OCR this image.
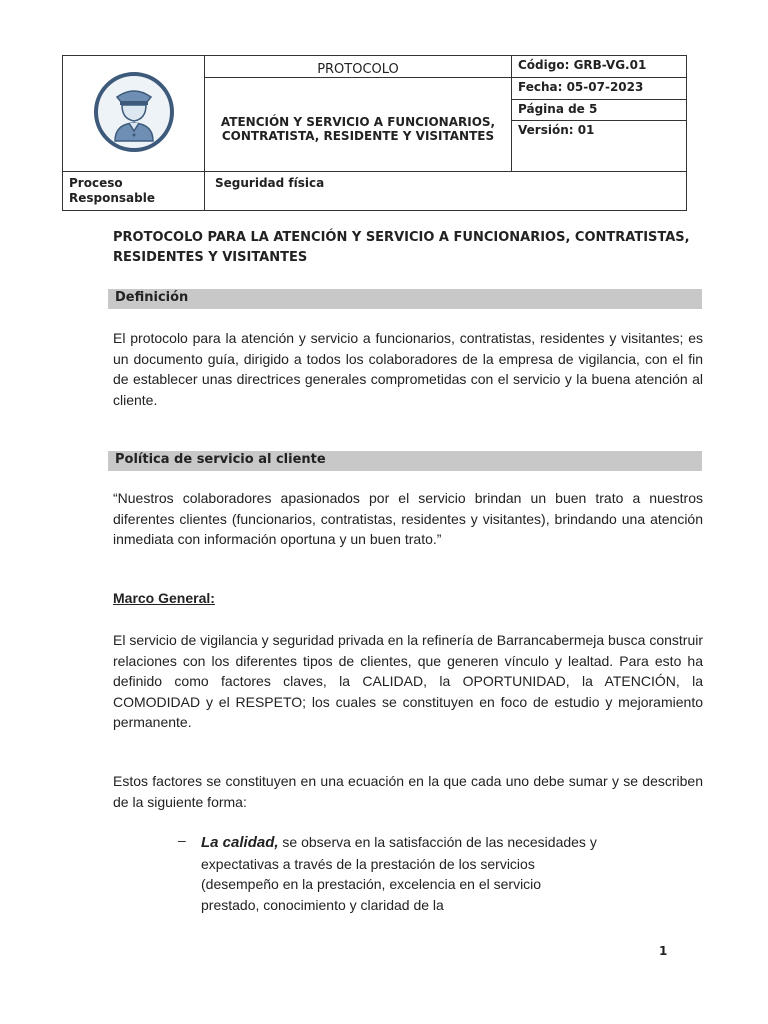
	PROTOCOLO	Código: GRB-VG.01
	ATENCIÓN Y SERVICIO A FUNCIONARIOS, CONTRATISTA, RESIDENTE Y VISITANTES	Fecha: 05-07-2023
		Página de 5
		Versión: 01
Proceso Responsable	Seguridad física	
PROTOCOLO PARA LA ATENCIÓN Y SERVICIO A FUNCIONARIOS, CONTRATISTAS, RESIDENTES Y VISITANTES
Definición
El protocolo para la atención y servicio a funcionarios, contratistas, residentes y visitantes; es un documento guía, dirigido a todos los colaboradores de la empresa de vigilancia, con el fin de establecer unas directrices generales comprometidas con el servicio y la buena atención al cliente.
Política de servicio al cliente
“Nuestros colaboradores apasionados por el servicio brindan un buen trato a nuestros diferentes clientes (funcionarios, contratistas, residentes y visitantes), brindando una atención inmediata con información oportuna y un buen trato.”
Marco General:
El servicio de vigilancia y seguridad privada en la refinería de Barrancabermeja busca construir relaciones con los diferentes tipos de clientes, que generen vínculo y lealtad. Para esto ha definido como factores claves, la CALIDAD, la OPORTUNIDAD, la ATENCIÓN, la COMODIDAD y el RESPETO; los cuales se constituyen en foco de estudio y mejoramiento permanente.
Estos factores se constituyen en una ecuación en la que cada uno debe sumar y se describen de la siguiente forma:
– La calidad, se observa en la satisfacción de las necesidades y expectativas a través de la prestación de los servicios (desempeño en la prestación, excelencia en el servicio prestado, conocimiento y claridad de la
1
